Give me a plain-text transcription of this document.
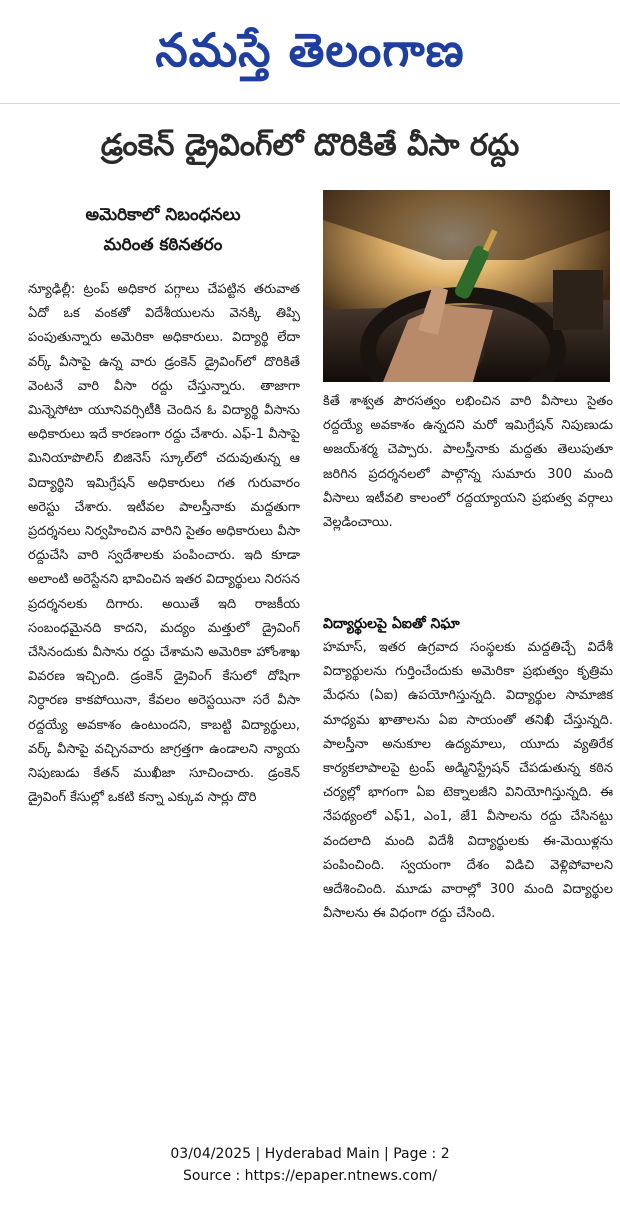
నమస్తే తెలంగాణ
డ్రంకెన్ డ్రైవింగ్‌లో దొరికితే వీసా రద్దు
అమెరికాలో నిబంధనలు
మరింత కఠినతరం

న్యూఢిల్లీ: ట్రంప్ అధికార పగ్గాలు చేపట్టిన తరువాత ఏదో ఒక వంకతో విదేశీయులను వెనక్కి తిప్పి పంపుతున్నారు అమెరికా అధికారులు. విద్యార్థి లేదా వర్క్ వీసాపై ఉన్న వారు డ్రంకెన్ డ్రైవింగ్‌లో దొరికితే వెంటనే వారి వీసా రద్దు చేస్తున్నారు. తాజాగా మిన్నెసోటా యూనివర్సిటీకి చెందిన ఓ విద్యార్థి వీసాను అధికారులు ఇదే కారణంగా రద్దు చేశారు. ఎఫ్-1 వీసాపై మినియాపొలిస్ బిజినెస్ స్కూల్‌లో చదువుతున్న ఆ విద్యార్థిని ఇమిగ్రేషన్ అధికారులు గత గురువారం అరెస్టు చేశారు. ఇటీవల పాలస్తీనాకు మద్దతుగా ప్రదర్శనలు నిర్వహించిన వారిని సైతం అధికారులు వీసా రద్దుచేసి వారి స్వదేశాలకు పంపించారు. ఇది కూడా అలాంటి అరెస్టేనని భావించిన ఇతర విద్యార్థులు నిరసన ప్రదర్శనలకు దిగారు. అయితే ఇది రాజకీయ సంబంధమైనది కాదని, మద్యం మత్తులో డ్రైవింగ్ చేసినందుకు వీసాను రద్దు చేశామని అమెరికా హోంశాఖ వివరణ ఇచ్చింది. డ్రంకెన్ డ్రైవింగ్ కేసులో దోషిగా నిర్ధారణ కాకపోయినా, కేవలం అరెస్టయినా సరే వీసా రద్దయ్యే అవకాశం ఉంటుందని, కాబట్టి విద్యార్థులు, వర్క్ వీసాపై వచ్చినవారు జాగ్రత్తగా ఉండాలని న్యాయ నిపుణుడు కేతన్ ముఖీజా సూచించారు. డ్రంకెన్ డ్రైవింగ్ కేసుల్లో ఒకటి కన్నా ఎక్కువ సార్లు దొరి

కితే శాశ్వత పౌరసత్వం లభించిన వారి వీసాలు సైతం రద్దయ్యే అవకాశం ఉన్నదని మరో ఇమిగ్రేషన్ నిపుణుడు అజయ్‌శర్మ చెప్పారు. పాలస్తీనాకు మద్దతు తెలుపుతూ జరిగిన ప్రదర్శనలలో పాల్గొన్న సుమారు 300 మంది వీసాలు ఇటీవలి కాలంలో రద్దయ్యాయని ప్రభుత్వ వర్గాలు వెల్లడించాయి.

విద్యార్థులపై ఏఐతో నిఘా

హమాస్, ఇతర ఉగ్రవాద సంస్థలకు మద్దతిచ్చే విదేశీ విద్యార్థులను గుర్తించేందుకు అమెరికా ప్రభుత్వం కృత్రిమ మేధను (ఏఐ) ఉపయోగిస్తున్నది. విద్యార్థుల సామాజిక మాధ్యమ ఖాతాలను ఏఐ సాయంతో తనిఖీ చేస్తున్నది. పాలస్తీనా అనుకూల ఉద్యమాలు, యూదు వ్యతిరేక కార్యకలాపాలపై ట్రంప్ అడ్మినిస్ట్రేషన్ చేపడుతున్న కఠిన చర్యల్లో భాగంగా ఏఐ టెక్నాలజీని వినియోగిస్తున్నది. ఈ నేపథ్యంలో ఎఫ్1, ఎం1, జే1 వీసాలను రద్దు చేసినట్టు వందలాది మంది విదేశీ విద్యార్థులకు ఈ-మెయిళ్లను పంపించింది. స్వయంగా దేశం విడిచి వెళ్లిపోవాలని ఆదేశించింది. మూడు వారాల్లో 300 మంది విద్యార్థుల వీసాలను ఈ విధంగా రద్దు చేసింది.

03/04/2025 | Hyderabad Main | Page : 2
Source : https://epaper.ntnews.com/
